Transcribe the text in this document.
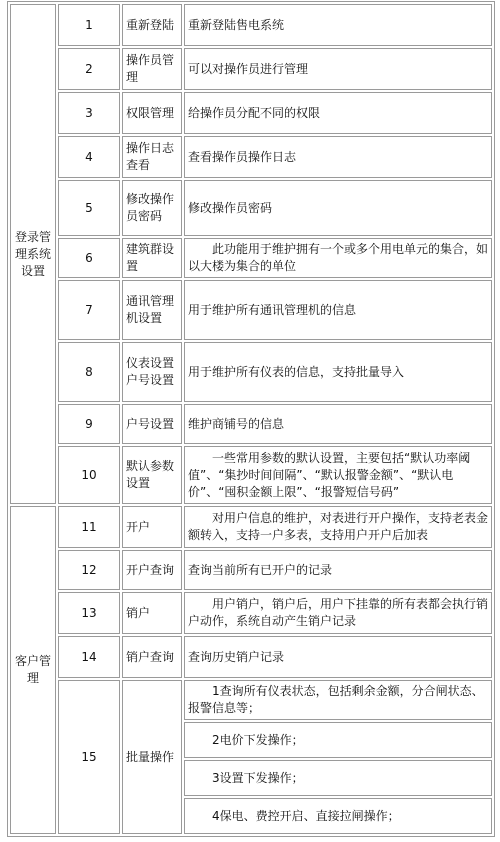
登录管理系统设置	1	重新登陆	重新登陆售电系统
	2	操作员管理	可以对操作员进行管理
	3	权限管理	给操作员分配不同的权限
	4	操作日志查看	查看操作员操作日志
	5	修改操作员密码	修改操作员密码
	6	建筑群设置	此功能用于维护拥有一个或多个用电单元的集合，如以大楼为集合的单位
	7	通讯管理机设置	用于维护所有通讯管理机的信息
	8	仪表设置户号设置	用于维护所有仪表的信息，支持批量导入
	9	户号设置	维护商铺号的信息
	10	默认参数设置	一些常用参数的默认设置，主要包括“默认功率阈值”、“集抄时间间隔”、“默认报警金额”、“默认电价”、“囤积金额上限”、“报警短信号码”
客户管理	11	开户	对用户信息的维护，对表进行开户操作，支持老表金额转入，支持一户多表，支持用户开户后加表
	12	开户查询	查询当前所有已开户的记录
	13	销户	用户销户，销户后，用户下挂靠的所有表都会执行销户动作，系统自动产生销户记录
	14	销户查询	查询历史销户记录
	15	批量操作	1查询所有仪表状态，包括剩余金额，分合闸状态、报警信息等；
			2电价下发操作；
			3设置下发操作；
			4保电、费控开启、直接拉闸操作；
